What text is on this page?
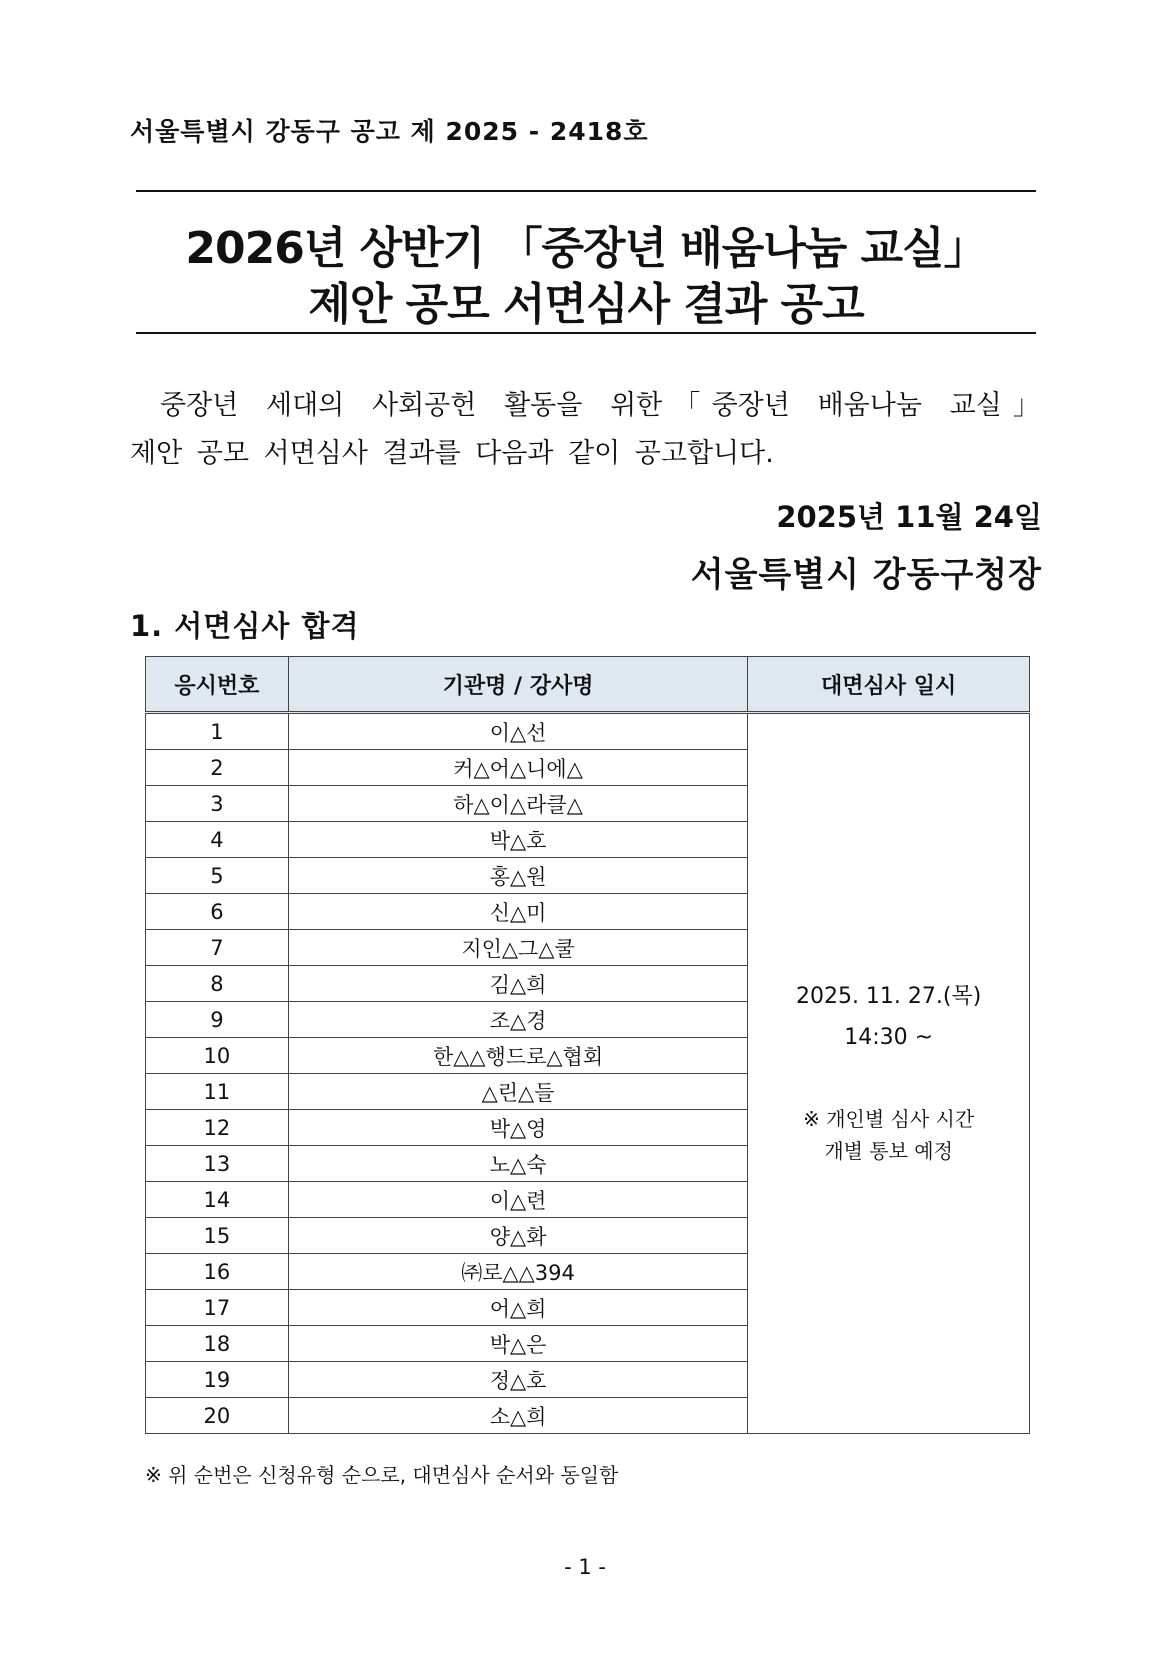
서울특별시 강동구 공고 제 2025 - 2418호
2026년 상반기 「중장년 배움나눔 교실」
제안 공모 서면심사 결과 공고
중장년 세대의 사회공헌 활동을 위한「중장년 배움나눔 교실」
제안 공모 서면심사 결과를 다음과 같이 공고합니다.
2025년 11월 24일
서울특별시 강동구청장
1. 서면심사 합격
응시번호	기관명 / 강사명	대면심사 일시
1	이△선	2025. 11. 27.(목)
14:30 ~
※ 개인별 심사 시간
개별 통보 예정

2	커△어△니에△	
3	하△이△라클△	
4	박△호	
5	홍△원	
6	신△미	
7	지인△그△쿨	
8	김△희	
9	조△경	
10	한△△행드로△협회	
11	△린△들	
12	박△영	
13	노△숙	
14	이△련	
15	양△화	
16	㈜로△△394	
17	어△희	
18	박△은	
19	정△호	
20	소△희	
※ 위 순번은 신청유형 순으로, 대면심사 순서와 동일함
- 1 -
